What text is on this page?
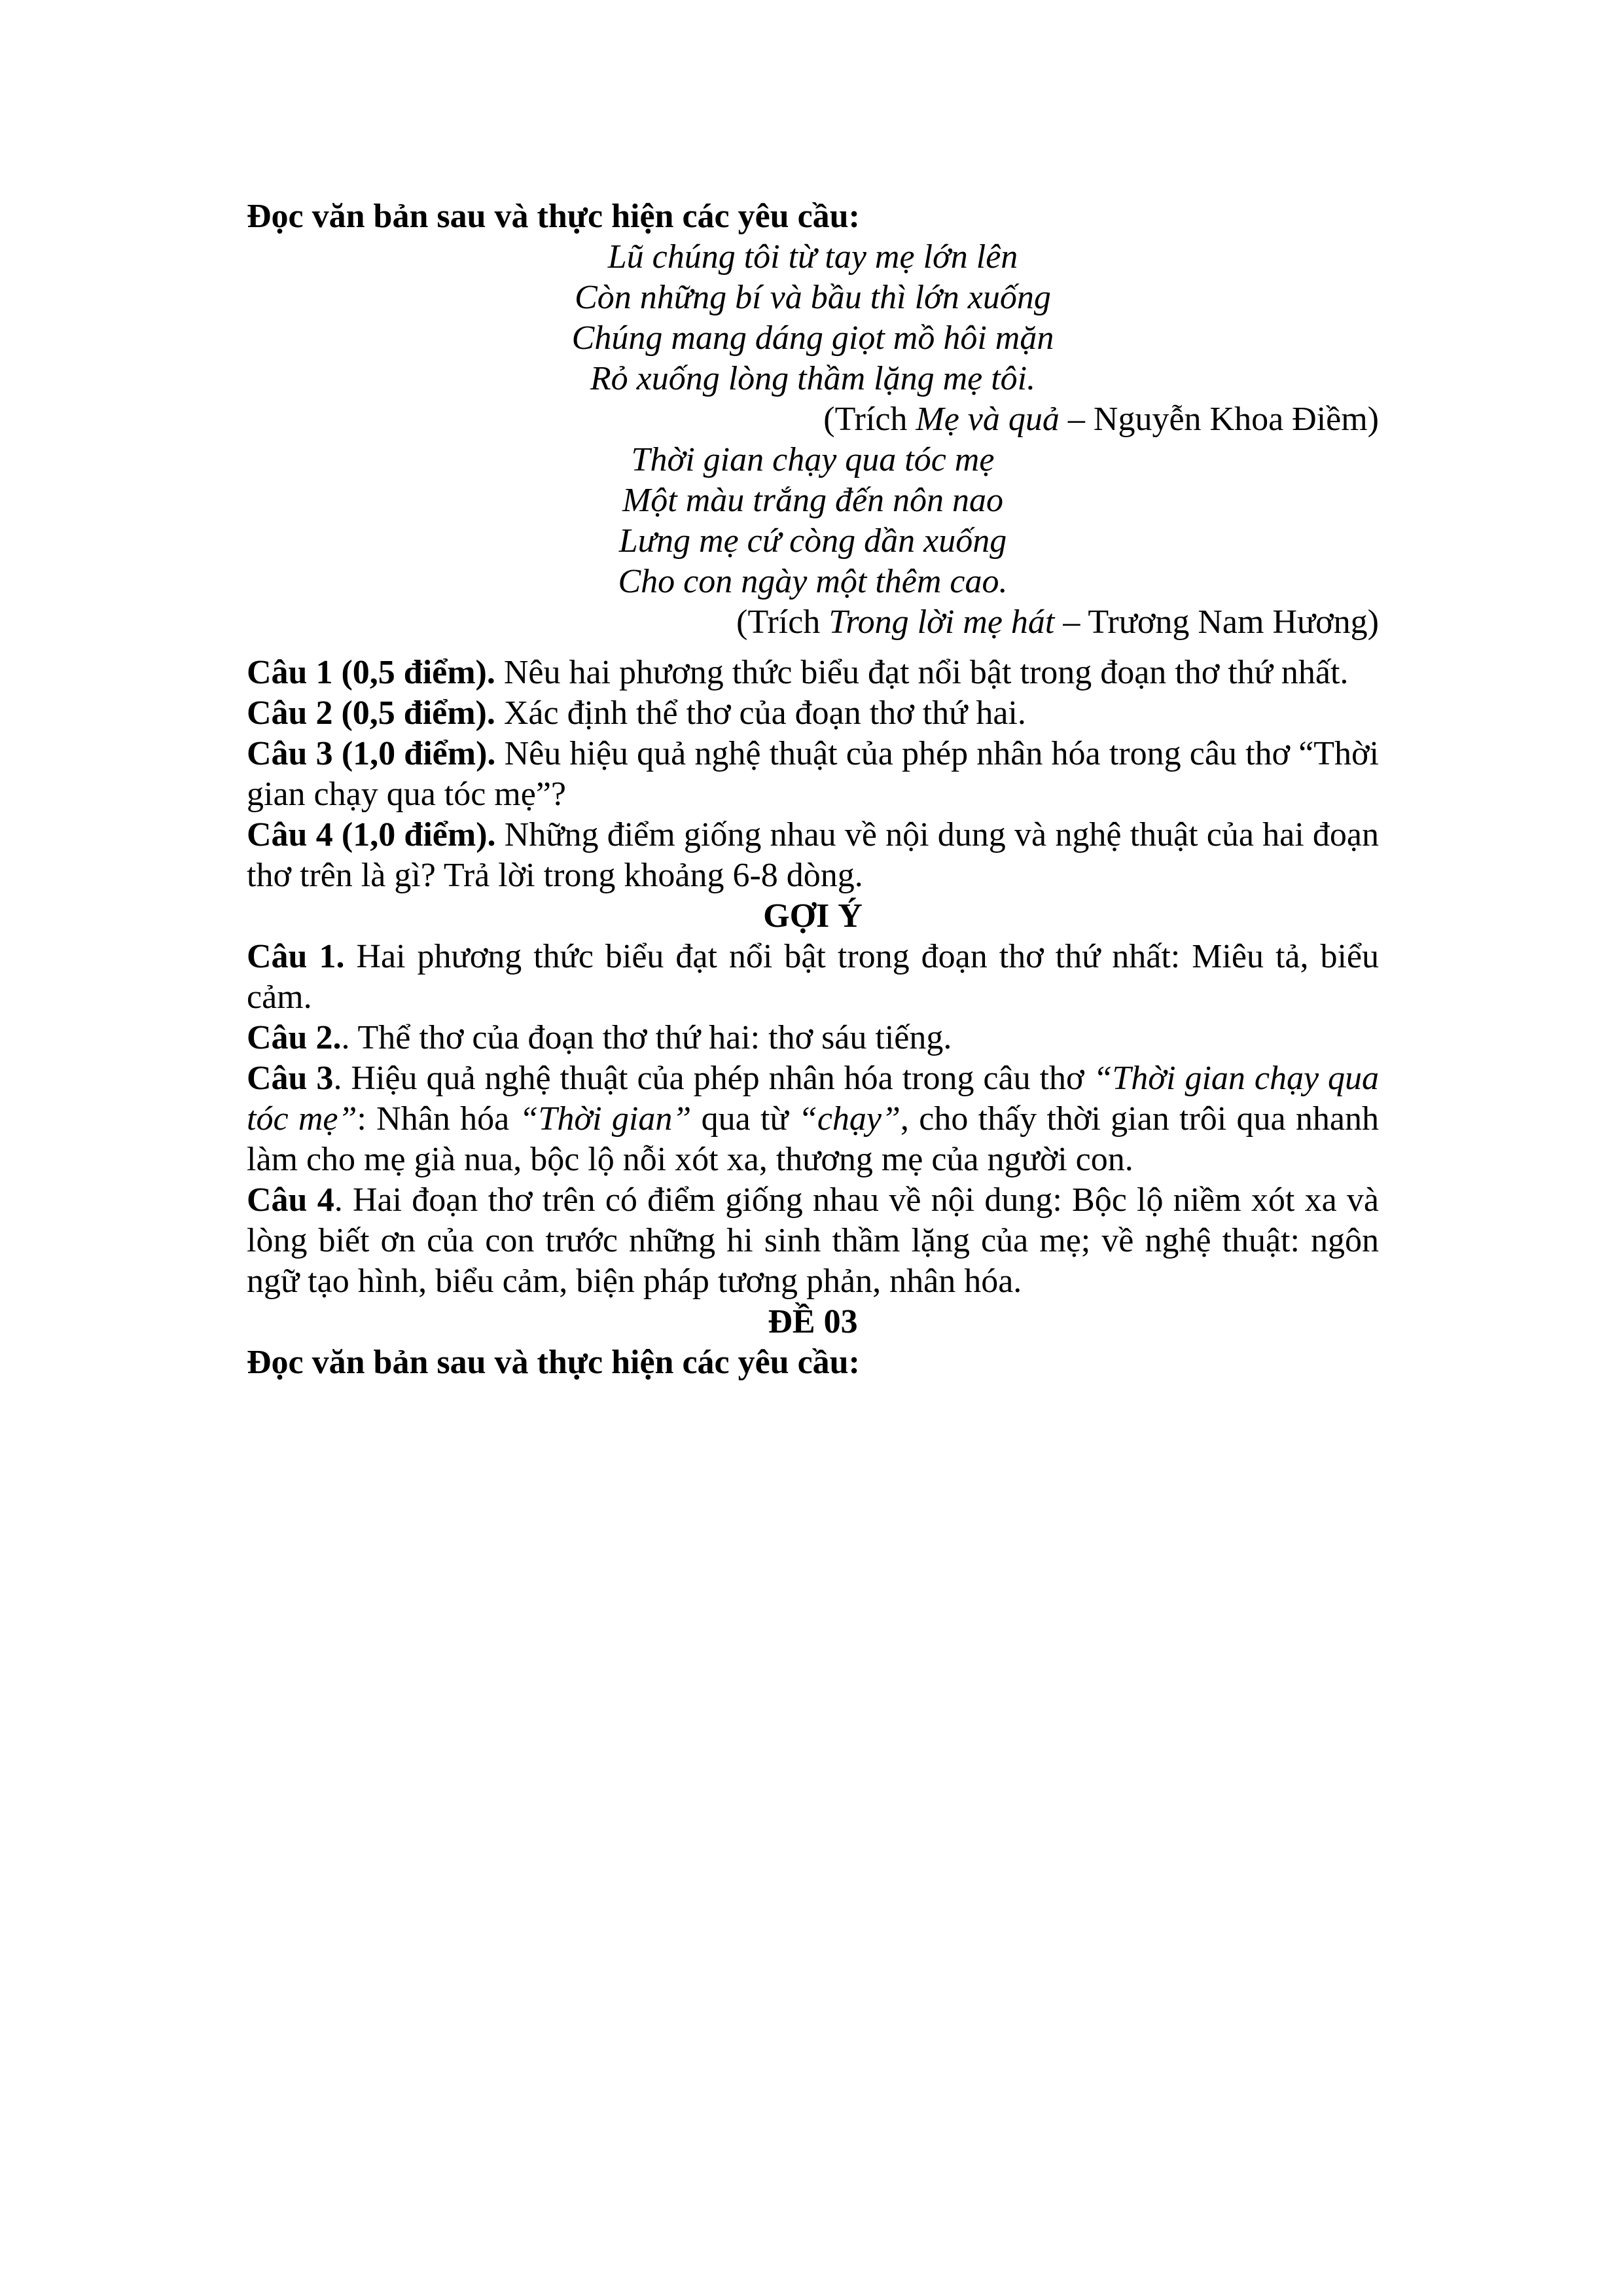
Đọc văn bản sau và thực hiện các yêu cầu:

Lũ chúng tôi từ tay mẹ lớn lên

Còn những bí và bầu thì lớn xuống

Chúng mang dáng giọt mồ hôi mặn

Rỏ xuống lòng thầm lặng mẹ tôi.

(Trích Mẹ và quả – Nguyễn Khoa Điềm)

Thời gian chạy qua tóc mẹ

Một màu trắng đến nôn nao

Lưng mẹ cứ còng dần xuống

Cho con ngày một thêm cao.

(Trích Trong lời mẹ hát – Trương Nam Hương)

Câu 1 (0,5 điểm). Nêu hai phương thức biểu đạt nổi bật trong đoạn thơ thứ nhất.

Câu 2 (0,5 điểm). Xác định thể thơ của đoạn thơ thứ hai.

Câu 3 (1,0 điểm). Nêu hiệu quả nghệ thuật của phép nhân hóa trong câu thơ “Thời gian chạy qua tóc mẹ”?

Câu 4 (1,0 điểm). Những điểm giống nhau về nội dung và nghệ thuật của hai đoạn thơ trên là gì? Trả lời trong khoảng 6-8 dòng.

GỢI Ý

Câu 1. Hai phương thức biểu đạt nổi bật trong đoạn thơ thứ nhất: Miêu tả, biểu cảm.

Câu 2.. Thể thơ của đoạn thơ thứ hai: thơ sáu tiếng.

Câu 3. Hiệu quả nghệ thuật của phép nhân hóa trong câu thơ “Thời gian chạy qua tóc mẹ”: Nhân hóa “Thời gian” qua từ “chạy”, cho thấy thời gian trôi qua nhanh làm cho mẹ già nua, bộc lộ nỗi xót xa, thương mẹ của người con.

Câu 4. Hai đoạn thơ trên có điểm giống nhau về nội dung: Bộc lộ niềm xót xa và lòng biết ơn của con trước những hi sinh thầm lặng của mẹ; về nghệ thuật: ngôn ngữ tạo hình, biểu cảm, biện pháp tương phản, nhân hóa.

ĐỀ 03

Đọc văn bản sau và thực hiện các yêu cầu:
